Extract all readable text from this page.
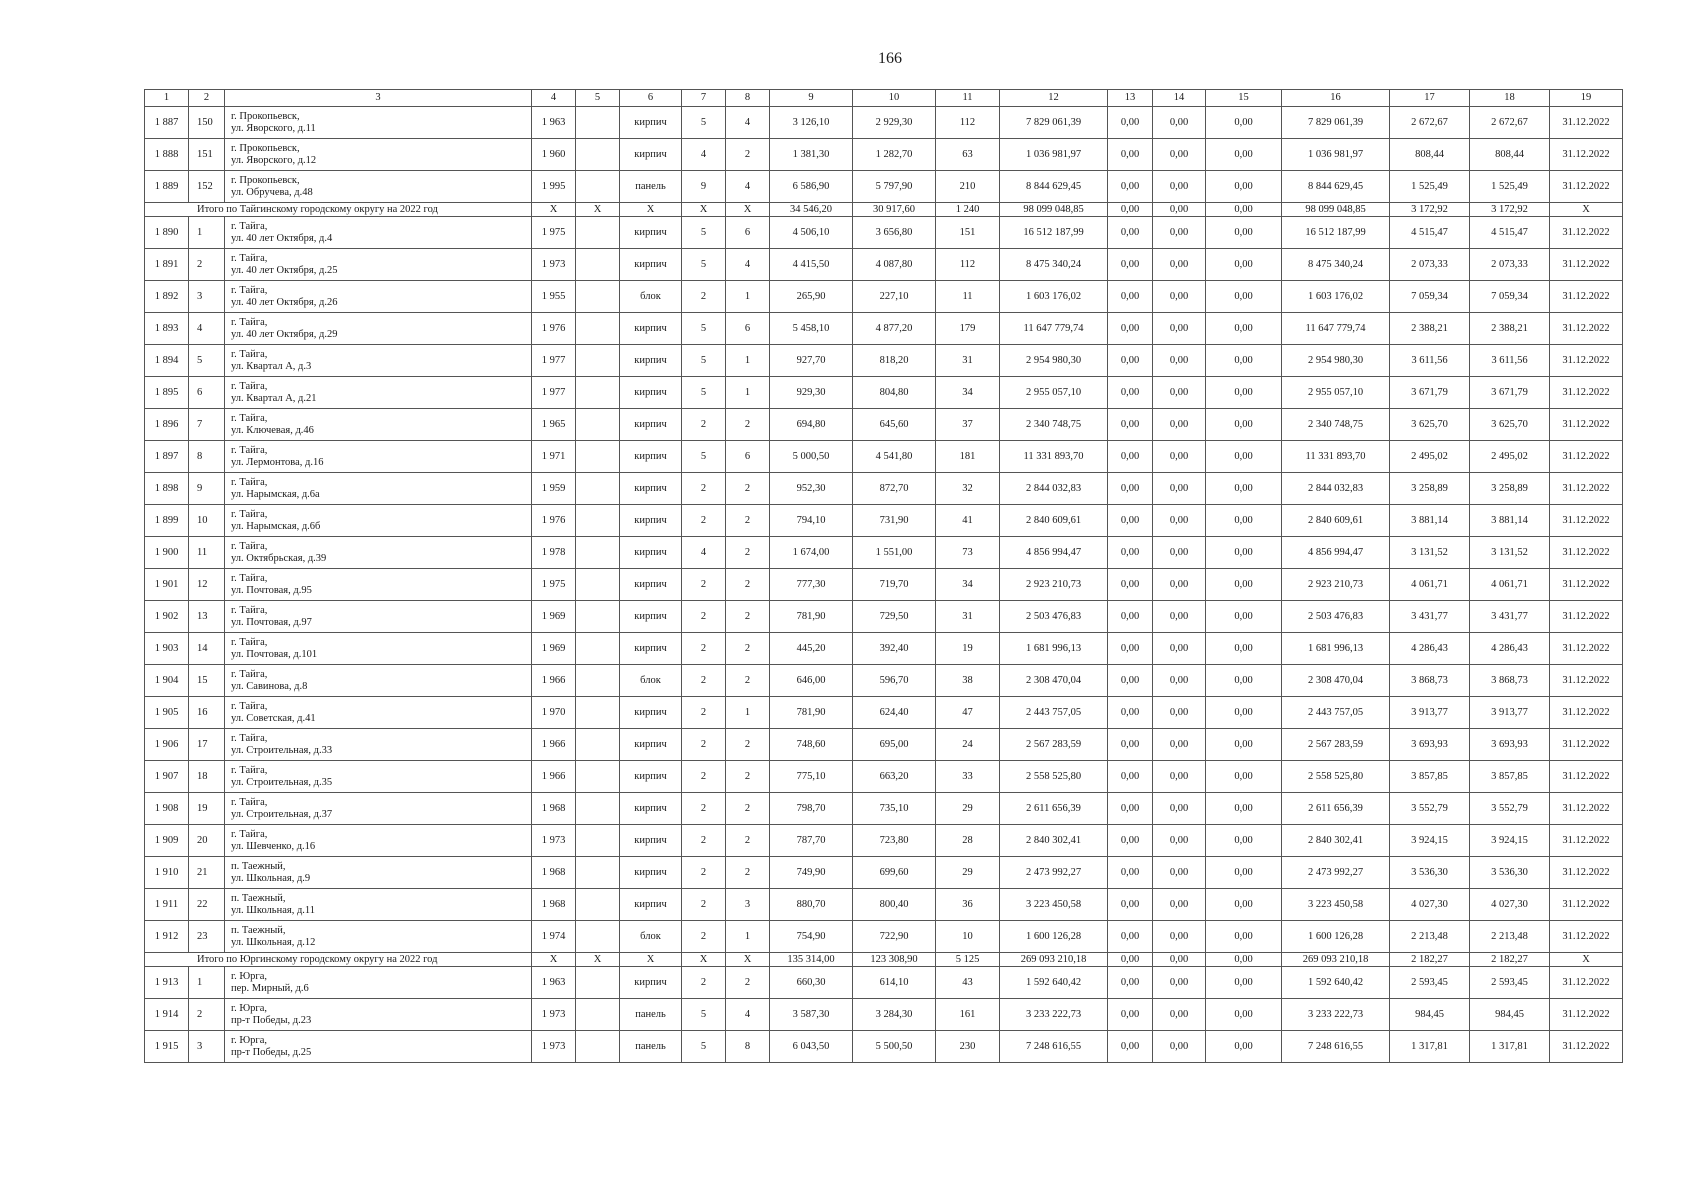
166
1	2	3	4	5	6	7	8	9	10	11	12	13	14	15	16	17	18	19
1 887	150	г. Прокопьевск,
ул. Яворского, д.11	1 963		кирпич	5	4	3 126,10	2 929,30	112	7 829 061,39	0,00	0,00	0,00	7 829 061,39	2 672,67	2 672,67	31.12.2022
1 888	151	г. Прокопьевск,
ул. Яворского, д.12	1 960		кирпич	4	2	1 381,30	1 282,70	63	1 036 981,97	0,00	0,00	0,00	1 036 981,97	808,44	808,44	31.12.2022
1 889	152	г. Прокопьевск,
ул. Обручева, д.48	1 995		панель	9	4	6 586,90	5 797,90	210	8 844 629,45	0,00	0,00	0,00	8 844 629,45	1 525,49	1 525,49	31.12.2022
Итого по Тайгинскому городскому округу на 2022 год			X	X	X	X	X	34 546,20	30 917,60	1 240	98 099 048,85	0,00	0,00	0,00	98 099 048,85	3 172,92	3 172,92	X
1 890	1	г. Тайга,
ул. 40 лет Октября, д.4	1 975		кирпич	5	6	4 506,10	3 656,80	151	16 512 187,99	0,00	0,00	0,00	16 512 187,99	4 515,47	4 515,47	31.12.2022
1 891	2	г. Тайга,
ул. 40 лет Октября, д.25	1 973		кирпич	5	4	4 415,50	4 087,80	112	8 475 340,24	0,00	0,00	0,00	8 475 340,24	2 073,33	2 073,33	31.12.2022
1 892	3	г. Тайга,
ул. 40 лет Октября, д.26	1 955		блок	2	1	265,90	227,10	11	1 603 176,02	0,00	0,00	0,00	1 603 176,02	7 059,34	7 059,34	31.12.2022
1 893	4	г. Тайга,
ул. 40 лет Октября, д.29	1 976		кирпич	5	6	5 458,10	4 877,20	179	11 647 779,74	0,00	0,00	0,00	11 647 779,74	2 388,21	2 388,21	31.12.2022
1 894	5	г. Тайга,
ул. Квартал А, д.3	1 977		кирпич	5	1	927,70	818,20	31	2 954 980,30	0,00	0,00	0,00	2 954 980,30	3 611,56	3 611,56	31.12.2022
1 895	6	г. Тайга,
ул. Квартал А, д.21	1 977		кирпич	5	1	929,30	804,80	34	2 955 057,10	0,00	0,00	0,00	2 955 057,10	3 671,79	3 671,79	31.12.2022
1 896	7	г. Тайга,
ул. Ключевая, д.46	1 965		кирпич	2	2	694,80	645,60	37	2 340 748,75	0,00	0,00	0,00	2 340 748,75	3 625,70	3 625,70	31.12.2022
1 897	8	г. Тайга,
ул. Лермонтова, д.16	1 971		кирпич	5	6	5 000,50	4 541,80	181	11 331 893,70	0,00	0,00	0,00	11 331 893,70	2 495,02	2 495,02	31.12.2022
1 898	9	г. Тайга,
ул. Нарымская, д.6а	1 959		кирпич	2	2	952,30	872,70	32	2 844 032,83	0,00	0,00	0,00	2 844 032,83	3 258,89	3 258,89	31.12.2022
1 899	10	г. Тайга,
ул. Нарымская, д.6б	1 976		кирпич	2	2	794,10	731,90	41	2 840 609,61	0,00	0,00	0,00	2 840 609,61	3 881,14	3 881,14	31.12.2022
1 900	11	г. Тайга,
ул. Октябрьская, д.39	1 978		кирпич	4	2	1 674,00	1 551,00	73	4 856 994,47	0,00	0,00	0,00	4 856 994,47	3 131,52	3 131,52	31.12.2022
1 901	12	г. Тайга,
ул. Почтовая, д.95	1 975		кирпич	2	2	777,30	719,70	34	2 923 210,73	0,00	0,00	0,00	2 923 210,73	4 061,71	4 061,71	31.12.2022
1 902	13	г. Тайга,
ул. Почтовая, д.97	1 969		кирпич	2	2	781,90	729,50	31	2 503 476,83	0,00	0,00	0,00	2 503 476,83	3 431,77	3 431,77	31.12.2022
1 903	14	г. Тайга,
ул. Почтовая, д.101	1 969		кирпич	2	2	445,20	392,40	19	1 681 996,13	0,00	0,00	0,00	1 681 996,13	4 286,43	4 286,43	31.12.2022
1 904	15	г. Тайга,
ул. Савинова, д.8	1 966		блок	2	2	646,00	596,70	38	2 308 470,04	0,00	0,00	0,00	2 308 470,04	3 868,73	3 868,73	31.12.2022
1 905	16	г. Тайга,
ул. Советская, д.41	1 970		кирпич	2	1	781,90	624,40	47	2 443 757,05	0,00	0,00	0,00	2 443 757,05	3 913,77	3 913,77	31.12.2022
1 906	17	г. Тайга,
ул. Строительная, д.33	1 966		кирпич	2	2	748,60	695,00	24	2 567 283,59	0,00	0,00	0,00	2 567 283,59	3 693,93	3 693,93	31.12.2022
1 907	18	г. Тайга,
ул. Строительная, д.35	1 966		кирпич	2	2	775,10	663,20	33	2 558 525,80	0,00	0,00	0,00	2 558 525,80	3 857,85	3 857,85	31.12.2022
1 908	19	г. Тайга,
ул. Строительная, д.37	1 968		кирпич	2	2	798,70	735,10	29	2 611 656,39	0,00	0,00	0,00	2 611 656,39	3 552,79	3 552,79	31.12.2022
1 909	20	г. Тайга,
ул. Шевченко, д.16	1 973		кирпич	2	2	787,70	723,80	28	2 840 302,41	0,00	0,00	0,00	2 840 302,41	3 924,15	3 924,15	31.12.2022
1 910	21	п. Таежный,
ул. Школьная, д.9	1 968		кирпич	2	2	749,90	699,60	29	2 473 992,27	0,00	0,00	0,00	2 473 992,27	3 536,30	3 536,30	31.12.2022
1 911	22	п. Таежный,
ул. Школьная, д.11	1 968		кирпич	2	3	880,70	800,40	36	3 223 450,58	0,00	0,00	0,00	3 223 450,58	4 027,30	4 027,30	31.12.2022
1 912	23	п. Таежный,
ул. Школьная, д.12	1 974		блок	2	1	754,90	722,90	10	1 600 126,28	0,00	0,00	0,00	1 600 126,28	2 213,48	2 213,48	31.12.2022
Итого по Юргинскому городскому округу на 2022 год			X	X	X	X	X	135 314,00	123 308,90	5 125	269 093 210,18	0,00	0,00	0,00	269 093 210,18	2 182,27	2 182,27	X
1 913	1	г. Юрга,
пер. Мирный, д.6	1 963		кирпич	2	2	660,30	614,10	43	1 592 640,42	0,00	0,00	0,00	1 592 640,42	2 593,45	2 593,45	31.12.2022
1 914	2	г. Юрга,
пр-т Победы, д.23	1 973		панель	5	4	3 587,30	3 284,30	161	3 233 222,73	0,00	0,00	0,00	3 233 222,73	984,45	984,45	31.12.2022
1 915	3	г. Юрга,
пр-т Победы, д.25	1 973		панель	5	8	6 043,50	5 500,50	230	7 248 616,55	0,00	0,00	0,00	7 248 616,55	1 317,81	1 317,81	31.12.2022
